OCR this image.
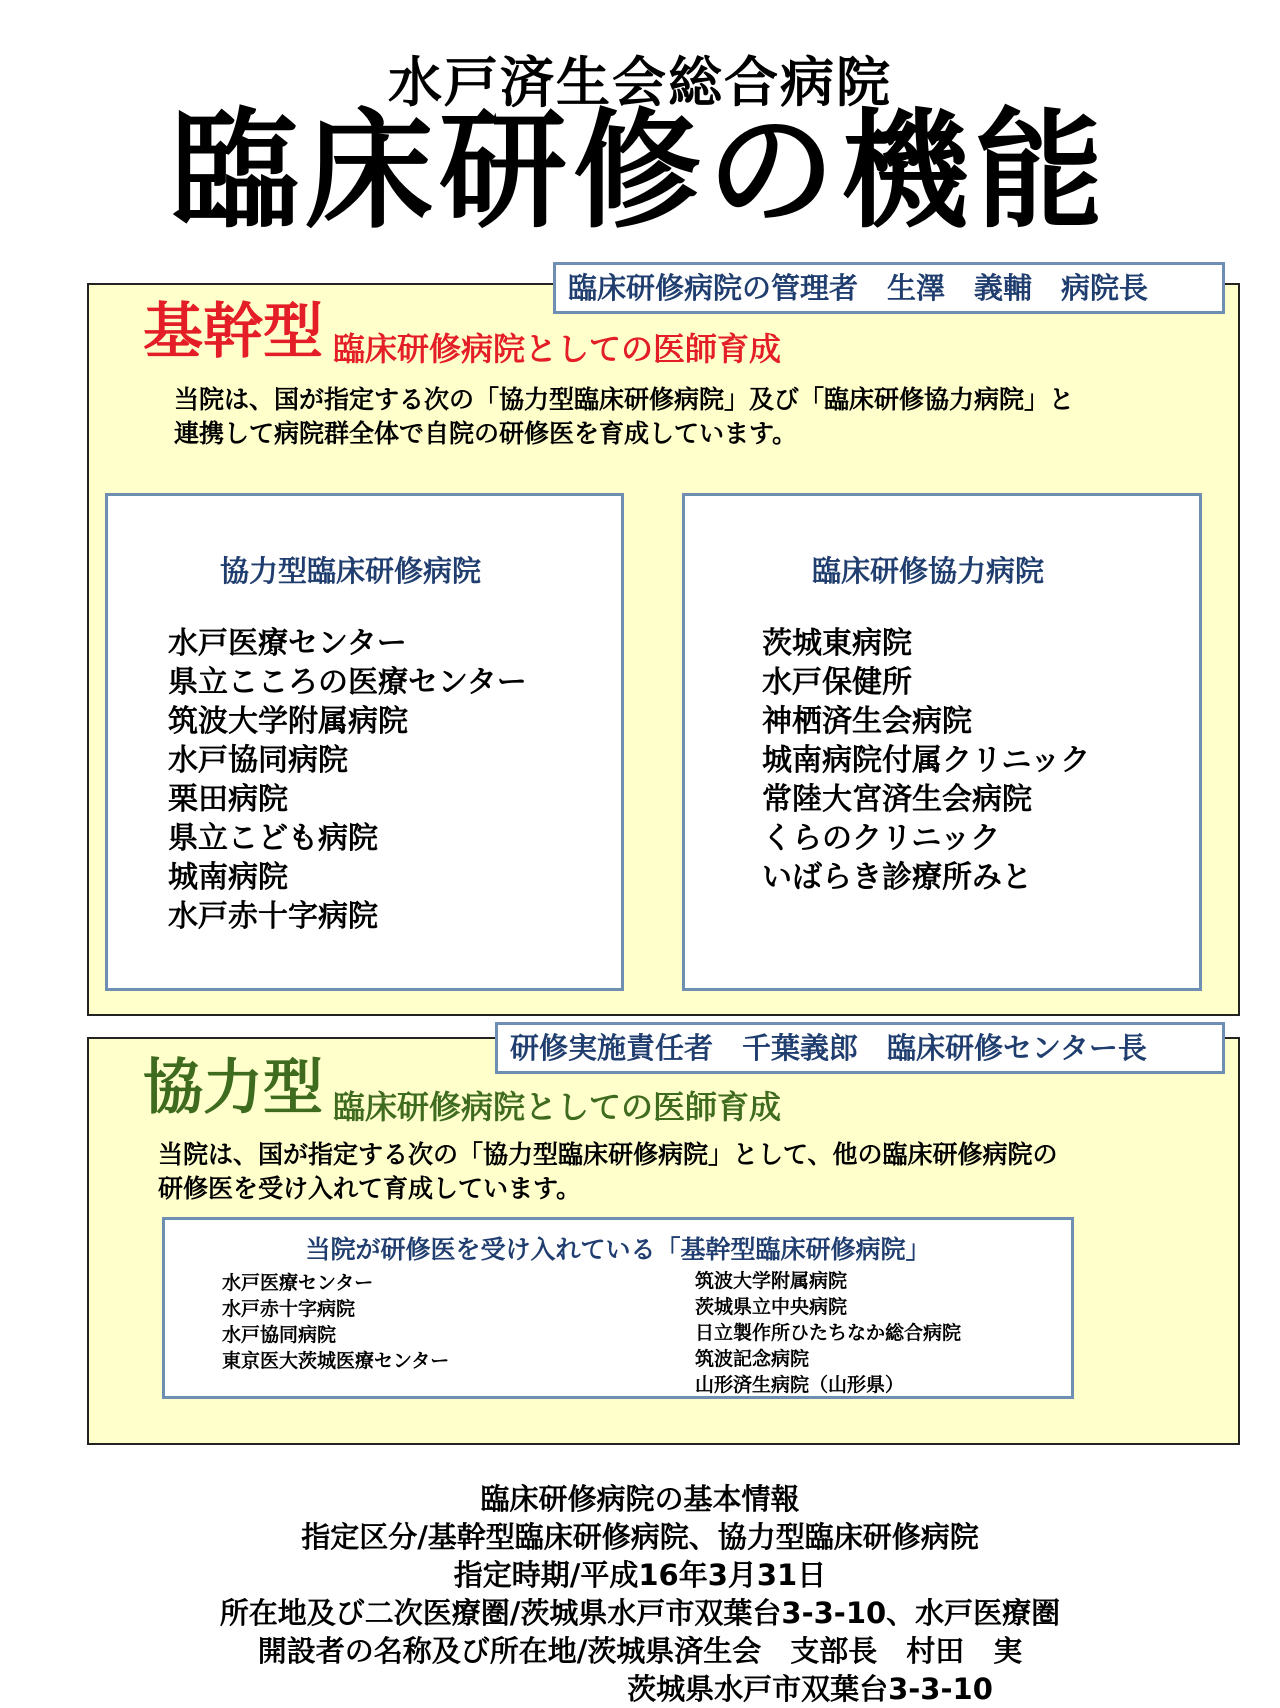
水戸済生会総合病院
臨床研修の機能
臨床研修病院の管理者　生澤　義輔　病院長
基幹型 臨床研修病院としての医師育成
当院は、国が指定する次の「協力型臨床研修病院」及び「臨床研修協力病院」と
連携して病院群全体で自院の研修医を育成しています。
協力型臨床研修病院
水戸医療センター
県立こころの医療センター
筑波大学附属病院
水戸協同病院
栗田病院
県立こども病院
城南病院
水戸赤十字病院
臨床研修協力病院
茨城東病院
水戸保健所
神栖済生会病院
城南病院付属クリニック
常陸大宮済生会病院
くらのクリニック
いばらき診療所みと
研修実施責任者　千葉義郎　臨床研修センター長
協力型 臨床研修病院としての医師育成
当院は、国が指定する次の「協力型臨床研修病院」として、他の臨床研修病院の
研修医を受け入れて育成しています。
当院が研修医を受け入れている「基幹型臨床研修病院」
水戸医療センター
水戸赤十字病院
水戸協同病院
東京医大茨城医療センター
筑波大学附属病院
茨城県立中央病院
日立製作所ひたちなか総合病院
筑波記念病院
山形済生病院（山形県）
臨床研修病院の基本情報
指定区分/基幹型臨床研修病院、協力型臨床研修病院
指定時期/平成16年3月31日
所在地及び二次医療圏/茨城県水戸市双葉台3-3-10、水戸医療圏
開設者の名称及び所在地/茨城県済生会　支部長　村田　実
茨城県水戸市双葉台3-3-10
